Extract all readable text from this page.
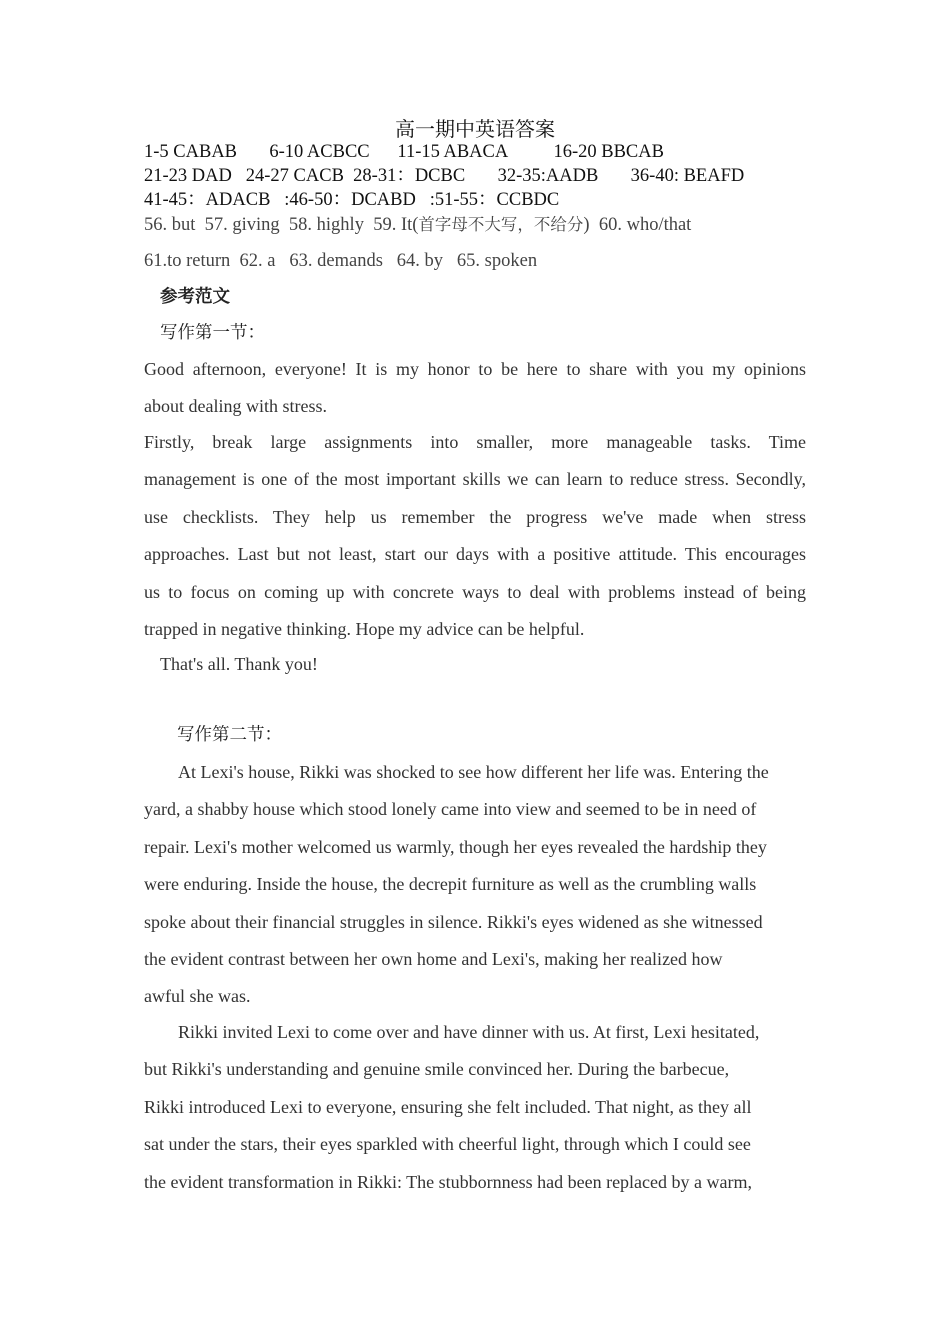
高一期中英语答案
1-5 CABAB       6-10 ACBCC      11-15 ABACA          16-20 BBCAB
21-23 DAD   24-27 CACB  28-31：DCBC       32-35:AADB       36-40: BEAFD
41-45：ADACB   :46-50：DCABD   :51-55：CCBDC
56. but  57. giving  58. highly  59. It(首字母不大写，不给分)  60. who/that
61.to return  62. a   63. demands   64. by   65. spoken
参考范文
写作第一节：
Good afternoon, everyone! It is my honor to be here to share with you my opinions
about dealing with stress.
Firstly, break large assignments into smaller, more manageable tasks. Time
management is one of the most important skills we can learn to reduce stress. Secondly,
use checklists. They help us remember the progress we've made when stress
approaches. Last but not least, start our days with a positive attitude. This encourages
us to focus on coming up with concrete ways to deal with problems instead of being
trapped in negative thinking. Hope my advice can be helpful.
That's all. Thank you!
写作第二节：
At Lexi's house, Rikki was shocked to see how different her life was. Entering the
yard, a shabby house which stood lonely came into view and seemed to be in need of
repair. Lexi's mother welcomed us warmly, though her eyes revealed the hardship they
were enduring. Inside the house, the decrepit furniture as well as the crumbling walls
spoke about their financial struggles in silence. Rikki's eyes widened as she witnessed
the evident contrast between her own home and Lexi's, making her realized how
awful she was.
Rikki invited Lexi to come over and have dinner with us. At first, Lexi hesitated,
but Rikki's understanding and genuine smile convinced her. During the barbecue,
Rikki introduced Lexi to everyone, ensuring she felt included. That night, as they all
sat under the stars, their eyes sparkled with cheerful light, through which I could see
the evident transformation in Rikki: The stubbornness had been replaced by a warm,
